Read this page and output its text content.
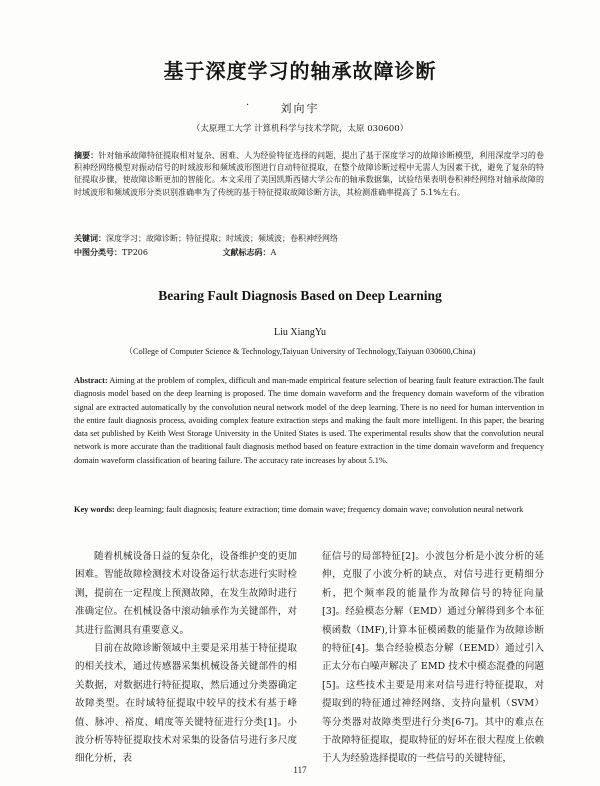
基于深度学习的轴承故障诊断
·	刘向宇
（太原理工大学 计算机科学与技术学院，太原 030600）
摘要：针对轴承故障特征提取相对复杂、困难、人为经验特征选择的问题，提出了基于深度学习的故障诊断模型，利用深度学习的卷积神经网络模型对振动信号的时域波形和频域波形图进行自动特征提取，在整个故障诊断过程中无需人为因素干扰，避免了复杂的特征提取步骤，使故障诊断更加的智能化。本文采用了美国凯斯西储大学公布的轴承数据集，试验结果表明卷积神经网络对轴承故障的时域波形和频域波形分类识别准确率为了传统的基于特征提取故障诊断方法，其检测准确率提高了 5.1%左右。
关键词：深度学习；故障诊断；特征提取；时域波；频域波；卷积神经网络
中图分类号：TP206	文献标志码：A
Bearing Fault Diagnosis Based on Deep Learning
Liu XiangYu
（College of Computer Science & Technology,Taiyuan University of Technology,Taiyuan 030600,China)
Abstract: Aiming at the problem of complex, difficult and man-made empirical feature selection of bearing fault feature extraction.The fault diagnosis model based on the deep learning is proposed. The time domain waveform and the frequency domain waveform of the vibration signal are extracted automatically by the convolution neural network model of the deep learning. There is no need for human intervention in the entire fault diagnosis process, avoiding complex feature extraction steps and making the fault more intelligent. In this paper, the bearing data set published by Keith West Storage University in the United States is used. The experimental results show that the convolution neural network is more accurate than the traditional fault diagnosis method based on feature extraction in the time domain waveform and frequency domain waveform classification of bearing failure. The accuracy rate increases by about 5.1%.
Key words: deep learning; fault diagnosis; feature extraction; time domain wave; frequency domain wave; convolution neural network

随着机械设备日益的复杂化，设备维护变的更加困难。智能故障检测技术对设备运行状态进行实时检测，提前在一定程度上预测故障，在发生故障时进行准确定位。在机械设备中滚动轴承作为关键部件，对其进行监测具有重要意义。

目前在故障诊断领域中主要是采用基于特征提取的相关技术，通过传感器采集机械设备关键部件的相关数据，对数据进行特征提取，然后通过分类器确定故障类型。在时域特征提取中较早的技术有基于峰值、脉冲、裕度、峭度等关键特征进行分类[1]。小波分析等特征提取技术对采集的设备信号进行多尺度细化分析，表

征信号的局部特征[2]。小波包分析是小波分析的延伸，克服了小波分析的缺点，对信号进行更精细分析，把个频率段的能量作为故障信号的特征向量[3]。经验模态分解（EMD）通过分解得到多个本征模函数（IMF),计算本征模函数的能量作为故障诊断的特征[4]。集合经验模态分解（EEMD）通过引入正太分布白噪声解决了 EMD 技术中模态混叠的问题[5]。这些技术主要是用来对信号进行特征提取，对提取到的特征通过神经网络、支持向量机（SVM）等分类器对故障类型进行分类[6-7]。其中的难点在于故障特征提取，提取特征的好坏在很大程度上依赖于人为经验选择提取的一些信号的关键特征，

117
